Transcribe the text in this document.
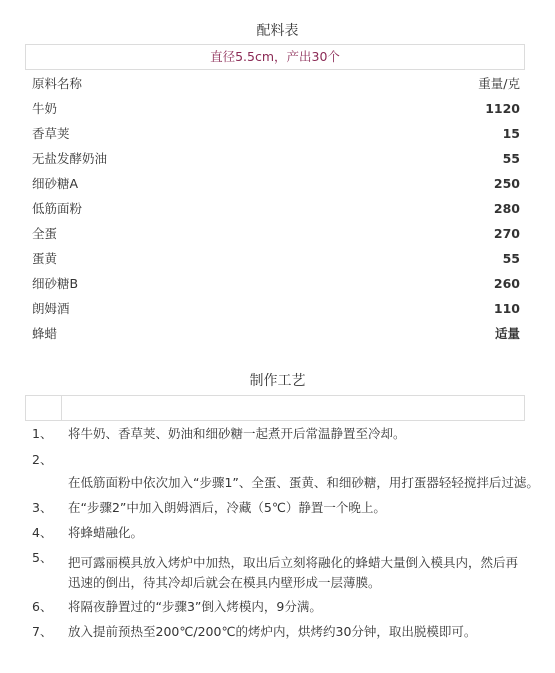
配料表
直径5.5cm，产出30个
原料名称	重量/克
牛奶	1120
香草荚	15
无盐发酵奶油	55
细砂糖A	250
低筋面粉	280
全蛋	270
蛋黄	55
细砂糖B	260
朗姆酒	110
蜂蜡	适量
制作工艺
1、 将牛奶、香草荚、奶油和细砂糖一起煮开后常温静置至冷却。
2、
在低筋面粉中依次加入“步骤1”、全蛋、蛋黄、和细砂糖，用打蛋器轻轻搅拌后过滤。
3、 在“步骤2”中加入朗姆酒后，冷藏（5℃）静置一个晚上。
4、 将蜂蜡融化。
5、 把可露丽模具放入烤炉中加热，取出后立刻将融化的蜂蜡大量倒入模具内，然后再迅速的倒出，待其冷却后就会在模具内壁形成一层薄膜。
6、 将隔夜静置过的“步骤3”倒入烤模内，9分满。
7、 放入提前预热至200℃/200℃的烤炉内，烘烤约30分钟，取出脱模即可。
